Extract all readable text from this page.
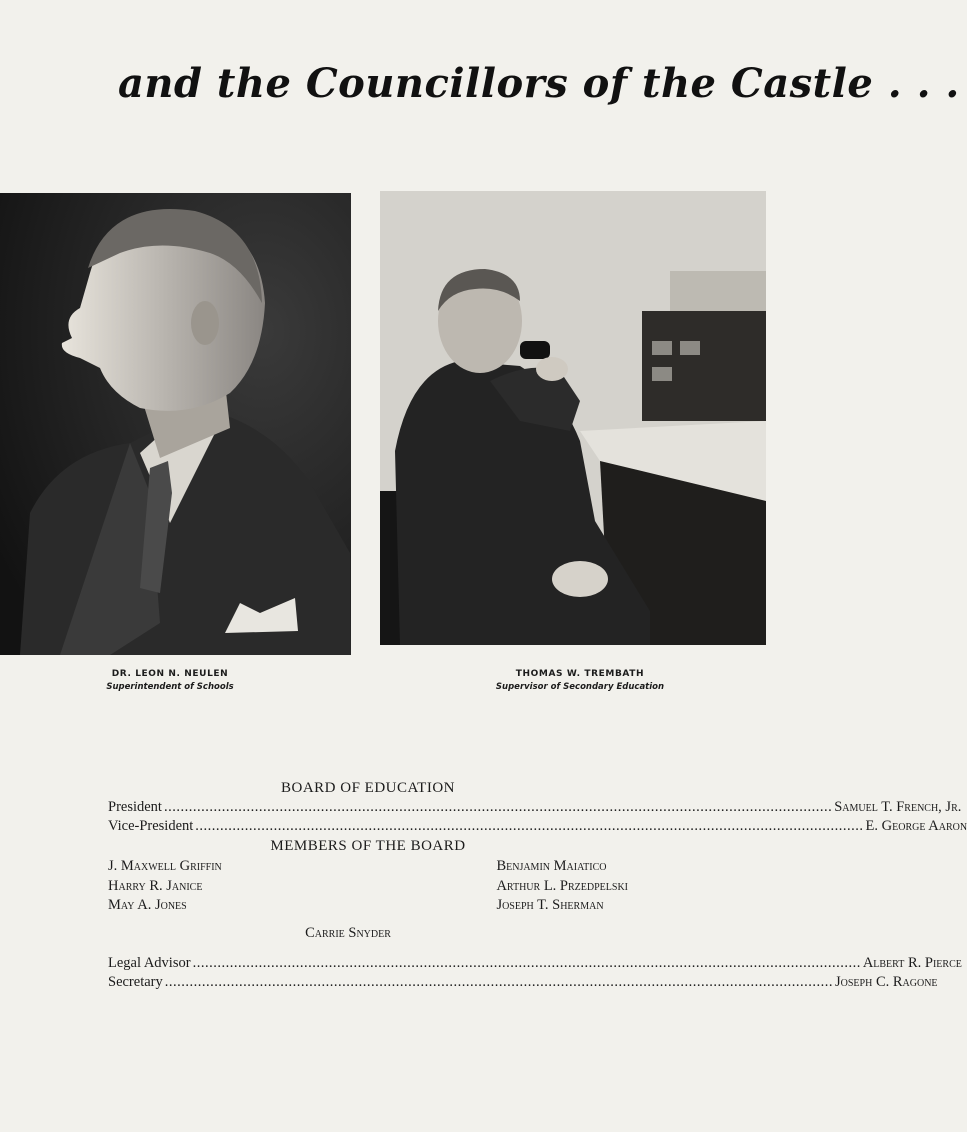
and the Councillors of the Castle . . .
DR. LEON N. NEULEN
Superintendent of Schools
THOMAS W. TREMBATH
Supervisor of Secondary Education
BOARD OF EDUCATION
President .....	Samuel T. French, Jr.
Vice-President .....	E. George Aaron
MEMBERS OF THE BOARD
J. Maxwell Griffin
Harry R. Janice
May A. Jones
Benjamin Maiatico
Arthur L. Przedpelski
Joseph T. Sherman
Carrie Snyder
Legal Advisor .....	Albert R. Pierce
Secretary .....	Joseph C. Ragone
